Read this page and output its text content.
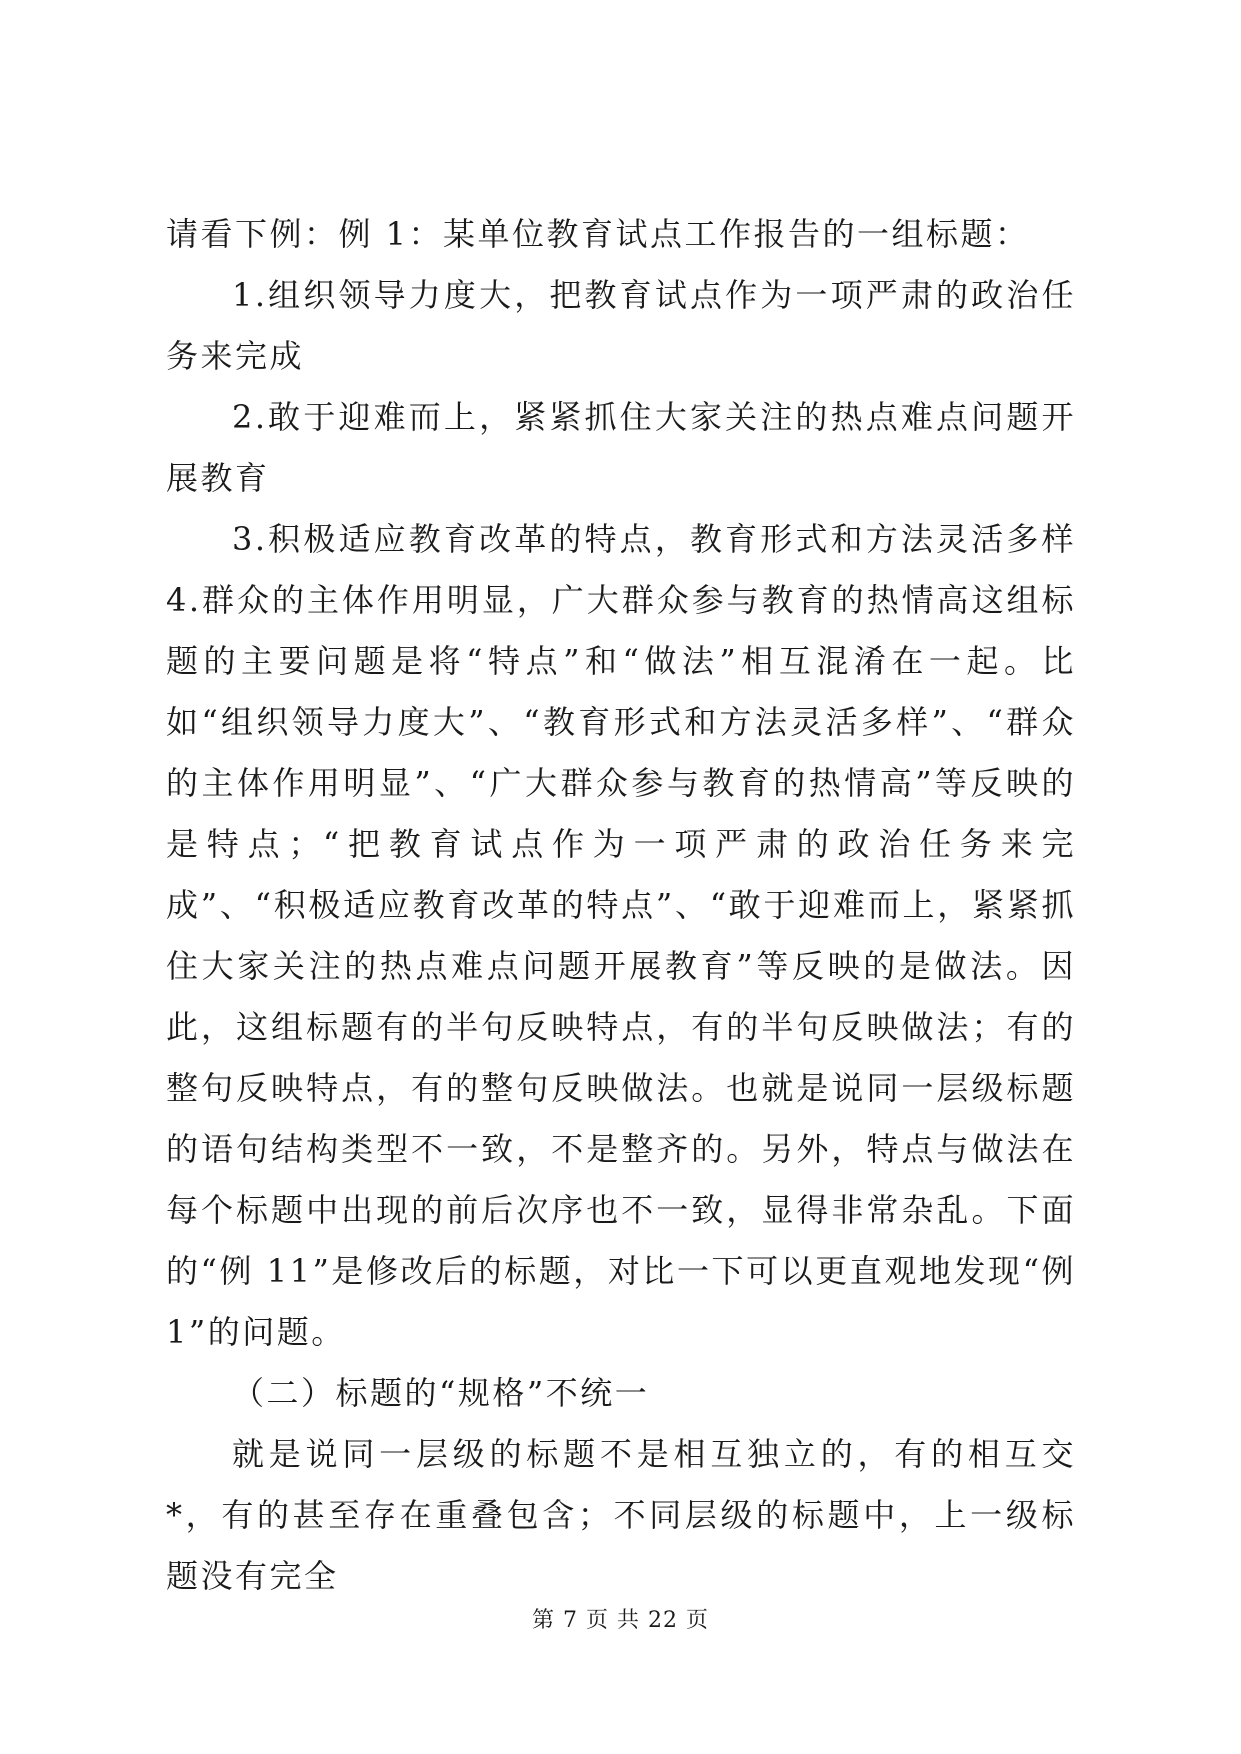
请看下例：例 1：某单位教育试点工作报告的一组标题：

1.组织领导力度大，把教育试点作为一项严肃的政治任务来完成

2.敢于迎难而上，紧紧抓住大家关注的热点难点问题开展教育

3.积极适应教育改革的特点，教育形式和方法灵活多样 4.群众的主体作用明显，广大群众参与教育的热情高这组标题的主要问题是将“特点”和“做法”相互混淆在一起。比如“组织领导力度大”、“教育形式和方法灵活多样”、“群众的主体作用明显”、“广大群众参与教育的热情高”等反映的是特点；“把教育试点作为一项严肃的政治任务来完成”、“积极适应教育改革的特点”、“敢于迎难而上，紧紧抓住大家关注的热点难点问题开展教育”等反映的是做法。因此，这组标题有的半句反映特点，有的半句反映做法；有的整句反映特点，有的整句反映做法。也就是说同一层级标题的语句结构类型不一致，不是整齐的。另外，特点与做法在每个标题中出现的前后次序也不一致，显得非常杂乱。下面的“例 11”是修改后的标题，对比一下可以更直观地发现“例 1”的问题。

（二）标题的“规格”不统一

就是说同一层级的标题不是相互独立的，有的相互交*，有的甚至存在重叠包含；不同层级的标题中，上一级标题没有完全

第 7 页 共 22 页
